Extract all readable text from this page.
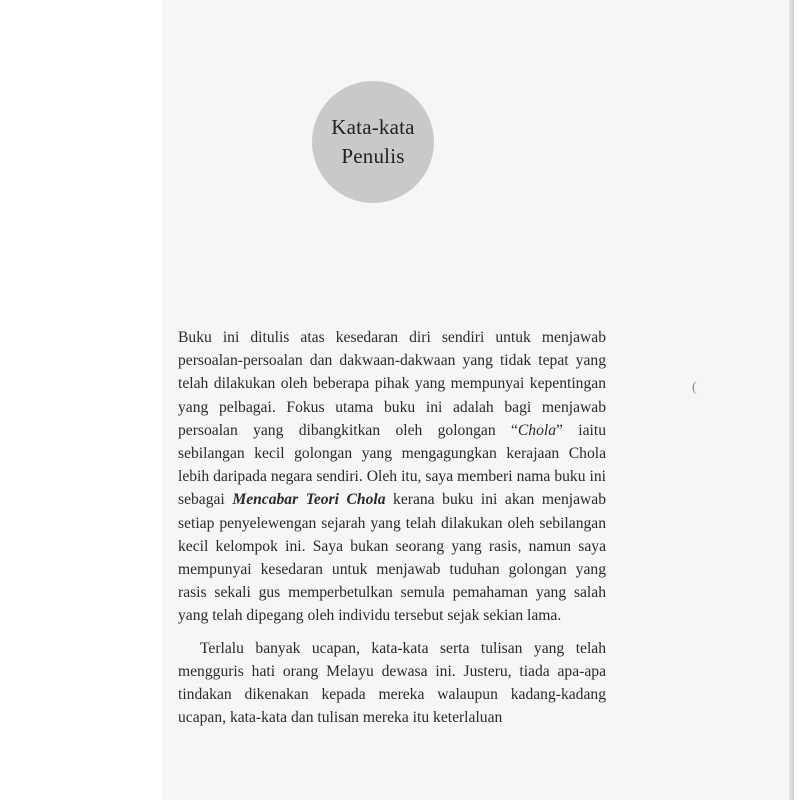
Kata-kata
Penulis
(

Buku ini ditulis atas kesedaran diri sendiri untuk menjawab persoalan-persoalan dan dakwaan-dakwaan yang tidak tepat yang telah dilakukan oleh beberapa pihak yang mempunyai kepentingan yang pelbagai. Fokus utama buku ini adalah bagi menjawab persoalan yang dibangkitkan oleh golongan “Chola” iaitu sebilangan kecil golongan yang mengagungkan kerajaan Chola lebih daripada negara sendiri. Oleh itu, saya memberi nama buku ini sebagai Mencabar Teori Chola kerana buku ini akan menjawab setiap penyelewengan sejarah yang telah dilakukan oleh sebilangan kecil kelompok ini. Saya bukan seorang yang rasis, namun saya mempunyai kesedaran untuk menjawab tuduhan golongan yang rasis sekali gus memperbetulkan semula pemahaman yang salah yang telah dipegang oleh individu tersebut sejak sekian lama.

Terlalu banyak ucapan, kata-kata serta tulisan yang telah mengguris hati orang Melayu dewasa ini. Justeru, tiada apa-apa tindakan dikenakan kepada mereka walaupun kadang-kadang ucapan, kata-kata dan tulisan mereka itu keterlaluan
